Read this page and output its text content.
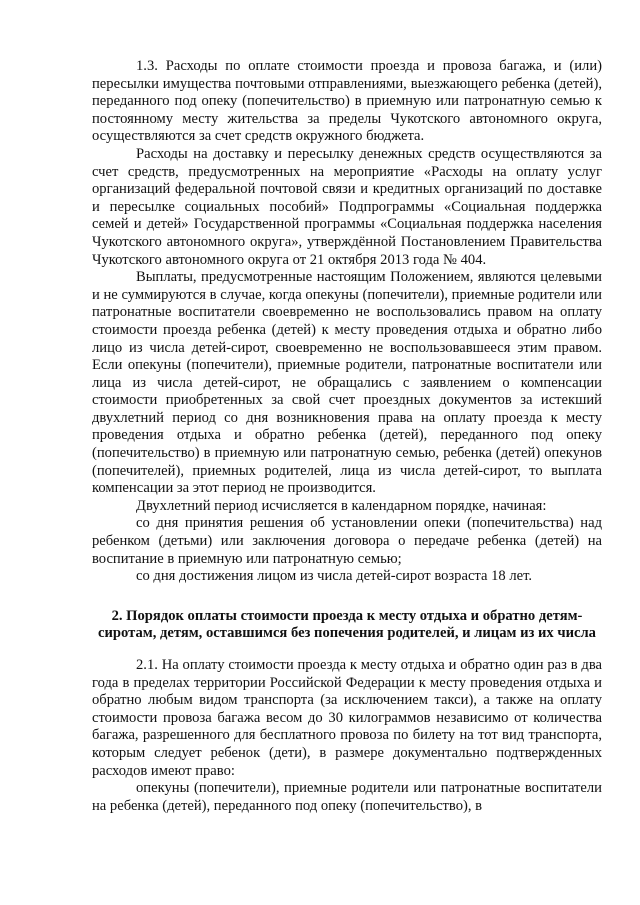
1.3. Расходы по оплате стоимости проезда и провоза багажа, и (или) пересылки имущества почтовыми отправлениями, выезжающего ребенка (детей), переданного под опеку (попечительство) в приемную или патронатную семью к постоянному месту жительства за пределы Чукотского автономного округа, осуществляются за счет средств окружного бюджета.

Расходы на доставку и пересылку денежных средств осуществляются за счет средств, предусмотренных на мероприятие «Расходы на оплату услуг организаций федеральной почтовой связи и кредитных организаций по доставке и пересылке социальных пособий» Подпрограммы «Социальная поддержка семей и детей» Государственной программы «Социальная поддержка населения Чукотского автономного округа», утверждённой Постановлением Правительства Чукотского автономного округа от 21 октября 2013 года № 404.

Выплаты, предусмотренные настоящим Положением, являются целевыми и не суммируются в случае, когда опекуны (попечители), приемные родители или патронатные воспитатели своевременно не воспользовались правом на оплату стоимости проезда ребенка (детей) к месту проведения отдыха и обратно либо лицо из числа детей-сирот, своевременно не воспользовавшееся этим правом. Если опекуны (попечители), приемные родители, патронатные воспитатели или лица из числа детей-сирот, не обращались с заявлением о компенсации стоимости приобретенных за свой счет проездных документов за истекший двухлетний период со дня возникновения права на оплату проезда к месту проведения отдыха и обратно ребенка (детей), переданного под опеку (попечительство) в приемную или патронатную семью, ребенка (детей) опекунов (попечителей), приемных родителей, лица из числа детей-сирот, то выплата компенсации за этот период не производится.

Двухлетний период исчисляется в календарном порядке, начиная:

со дня принятия решения об установлении опеки (попечительства) над ребенком (детьми) или заключения договора о передаче ребенка (детей) на воспитание в приемную или патронатную семью;

со дня достижения лицом из числа детей-сирот возраста 18 лет.

2. Порядок оплаты стоимости проезда к месту отдыха и обратно детям-сиротам, детям, оставшимся без попечения родителей, и лицам из их числа

2.1. На оплату стоимости проезда к месту отдыха и обратно один раз в два года в пределах территории Российской Федерации к месту проведения отдыха и обратно любым видом транспорта (за исключением такси), а также на оплату стоимости провоза багажа весом до 30 килограммов независимо от количества багажа, разрешенного для бесплатного провоза по билету на тот вид транспорта, которым следует ребенок (дети), в размере документально подтвержденных расходов имеют право:

опекуны (попечители), приемные родители или патронатные воспитатели на ребенка (детей), переданного под опеку (попечительство), в
